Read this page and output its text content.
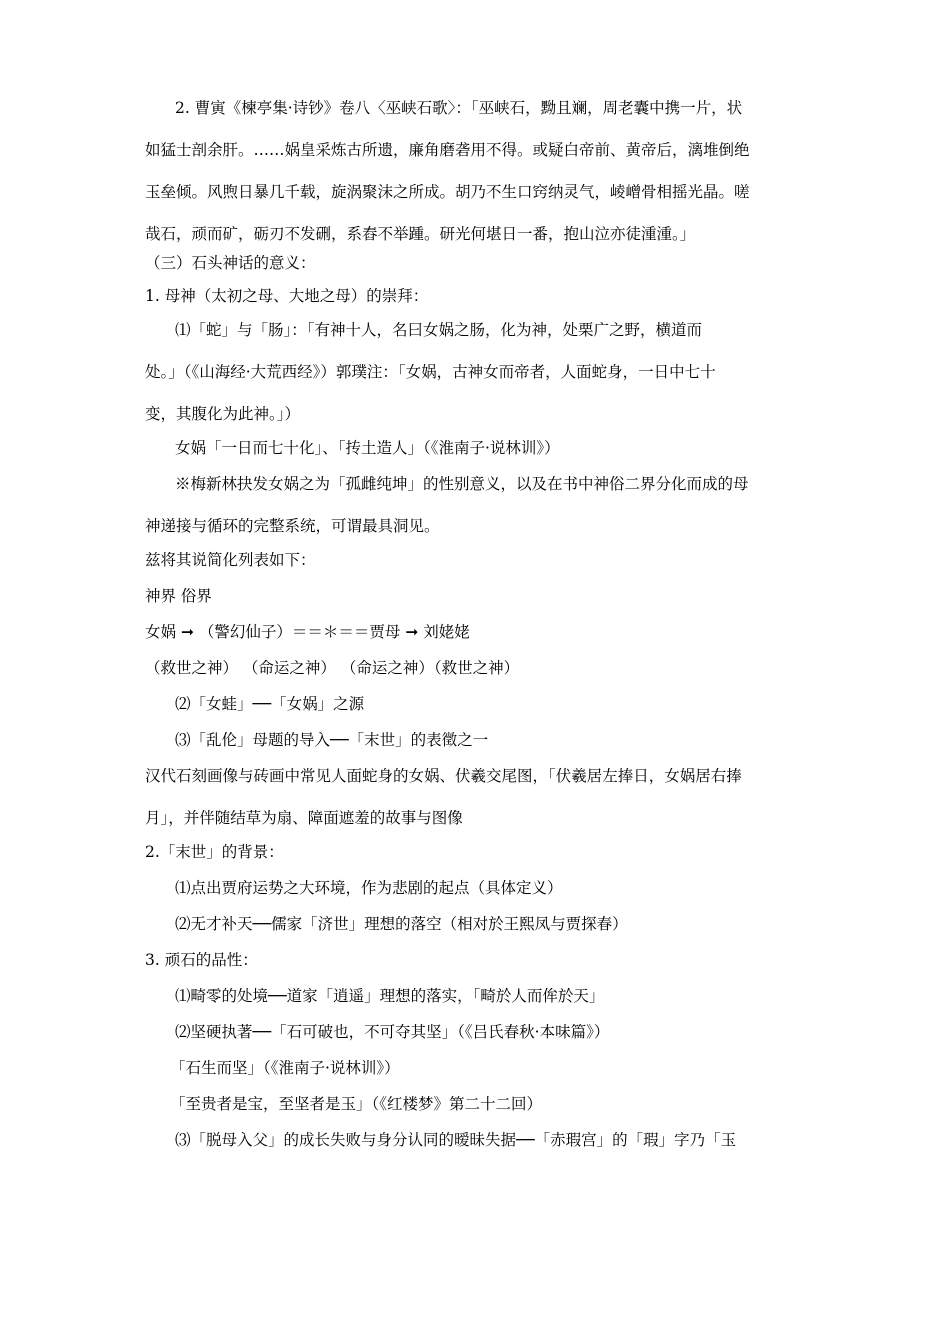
2. 曹寅《楝亭集·诗钞》卷八〈巫峡石歌〉：「巫峡石，黝且斓，周老囊中携一片，状
如猛士剖余肝。……娲皇采炼古所遗，廉角磨砻用不得。或疑白帝前、黄帝后，漓堆倒绝
玉垒倾。风煦日暴几千载，旋涡聚沫之所成。胡乃不生口窍纳灵气，崚嶒骨相摇光晶。嗟
哉石，顽而矿，砺刃不发硎，系舂不举踵。研光何堪日一番，抱山泣亦徒湩湩。」
（三）石头神话的意义：
1. 母神（太初之母、大地之母）的崇拜：
⑴「蛇」与「肠」：「有神十人，名曰女娲之肠，化为神，处栗广之野，横道而
处。」（《山海经·大荒西经》）郭璞注：「女娲，古神女而帝者，人面蛇身，一日中七十
变，其腹化为此神。」）
女娲「一日而七十化」、「抟土造人」（《淮南子·说林训》）
※梅新林抉发女娲之为「孤雌纯坤」的性别意义，以及在书中神俗二界分化而成的母
神递接与循环的完整系统，可谓最具洞见。
兹将其说简化列表如下：
神界 俗界
女娲 ➞ （警幻仙子）＝＝＊＝＝贾母 ➞ 刘姥姥
（救世之神） （命运之神） （命运之神）（救世之神）
⑵「女蛙」──「女娲」之源
⑶「乱伦」母题的导入──「末世」的表徵之一
汉代石刻画像与砖画中常见人面蛇身的女娲、伏羲交尾图，「伏羲居左捧日，女娲居右捧
月」，并伴随结草为扇、障面遮羞的故事与图像
2.「末世」的背景：
⑴点出贾府运势之大环境，作为悲剧的起点（具体定义）
⑵无才补天──儒家「济世」理想的落空（相对於王熙凤与贾探春）
3. 顽石的品性：
⑴畸零的处境──道家「逍遥」理想的落实，「畸於人而侔於天」
⑵坚硬执著──「石可破也，不可夺其坚」（《吕氏春秋·本味篇》）
「石生而坚」（《淮南子·说林训》）
「至贵者是宝，至坚者是玉」（《红楼梦》第二十二回）
⑶「脱母入父」的成长失败与身分认同的暧昧失据──「赤瑕宫」的「瑕」字乃「玉
